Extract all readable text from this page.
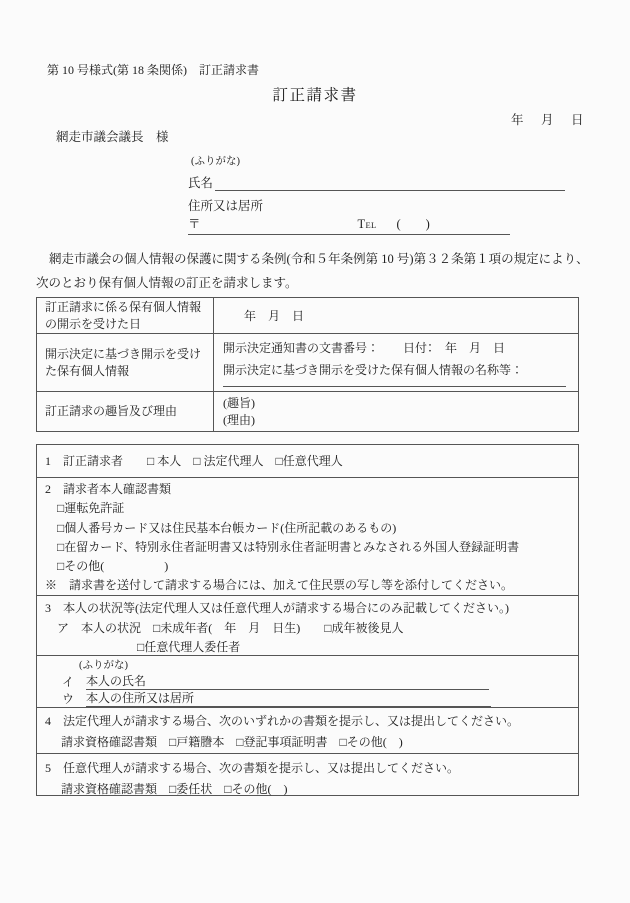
第 10 号様式(第 18 条関係)　訂正請求書
訂正請求書
年　月　日
網走市議会議長　様
(ふりがな)
氏名
住所又は居所
〒	TEL (　　)
網走市議会の個人情報の保護に関する条例(令和５年条例第 10 号)第３２条第１項の規定により、次のとおり保有個人情報の訂正を請求します。
訂正請求に係る保有個人情報の開示を受けた日
年　月　日
開示決定に基づき開示を受けた保有個人情報
開示決定通知書の文書番号： 日付：　年　月　日
開示決定に基づき開示を受けた保有個人情報の名称等：
訂正請求の趣旨及び理由
(趣旨)
(理由)
1　訂正請求者　　□ 本人　□ 法定代理人　□任意代理人
2　請求者本人確認書類
□運転免許証
□個人番号カード又は住民基本台帳カード(住所記載のあるもの)
□在留カード、特別永住者証明書又は特別永住者証明書とみなされる外国人登録証明書
□その他(　　　　　)
※　請求書を送付して請求する場合には、加えて住民票の写し等を添付してください。
3　本人の状況等(法定代理人又は任意代理人が請求する場合にのみ記載してください。)
ア　本人の状況　□未成年者(　年　月　日生)　　□成年被後見人
□任意代理人委任者
(ふりがな)
イ 本人の氏名
ウ 本人の住所又は居所
4　法定代理人が請求する場合、次のいずれかの書類を提示し、又は提出してください。
請求資格確認書類　□戸籍謄本　□登記事項証明書　□その他(　)
5　任意代理人が請求する場合、次の書類を提示し、又は提出してください。
請求資格確認書類　□委任状　□その他(　)
